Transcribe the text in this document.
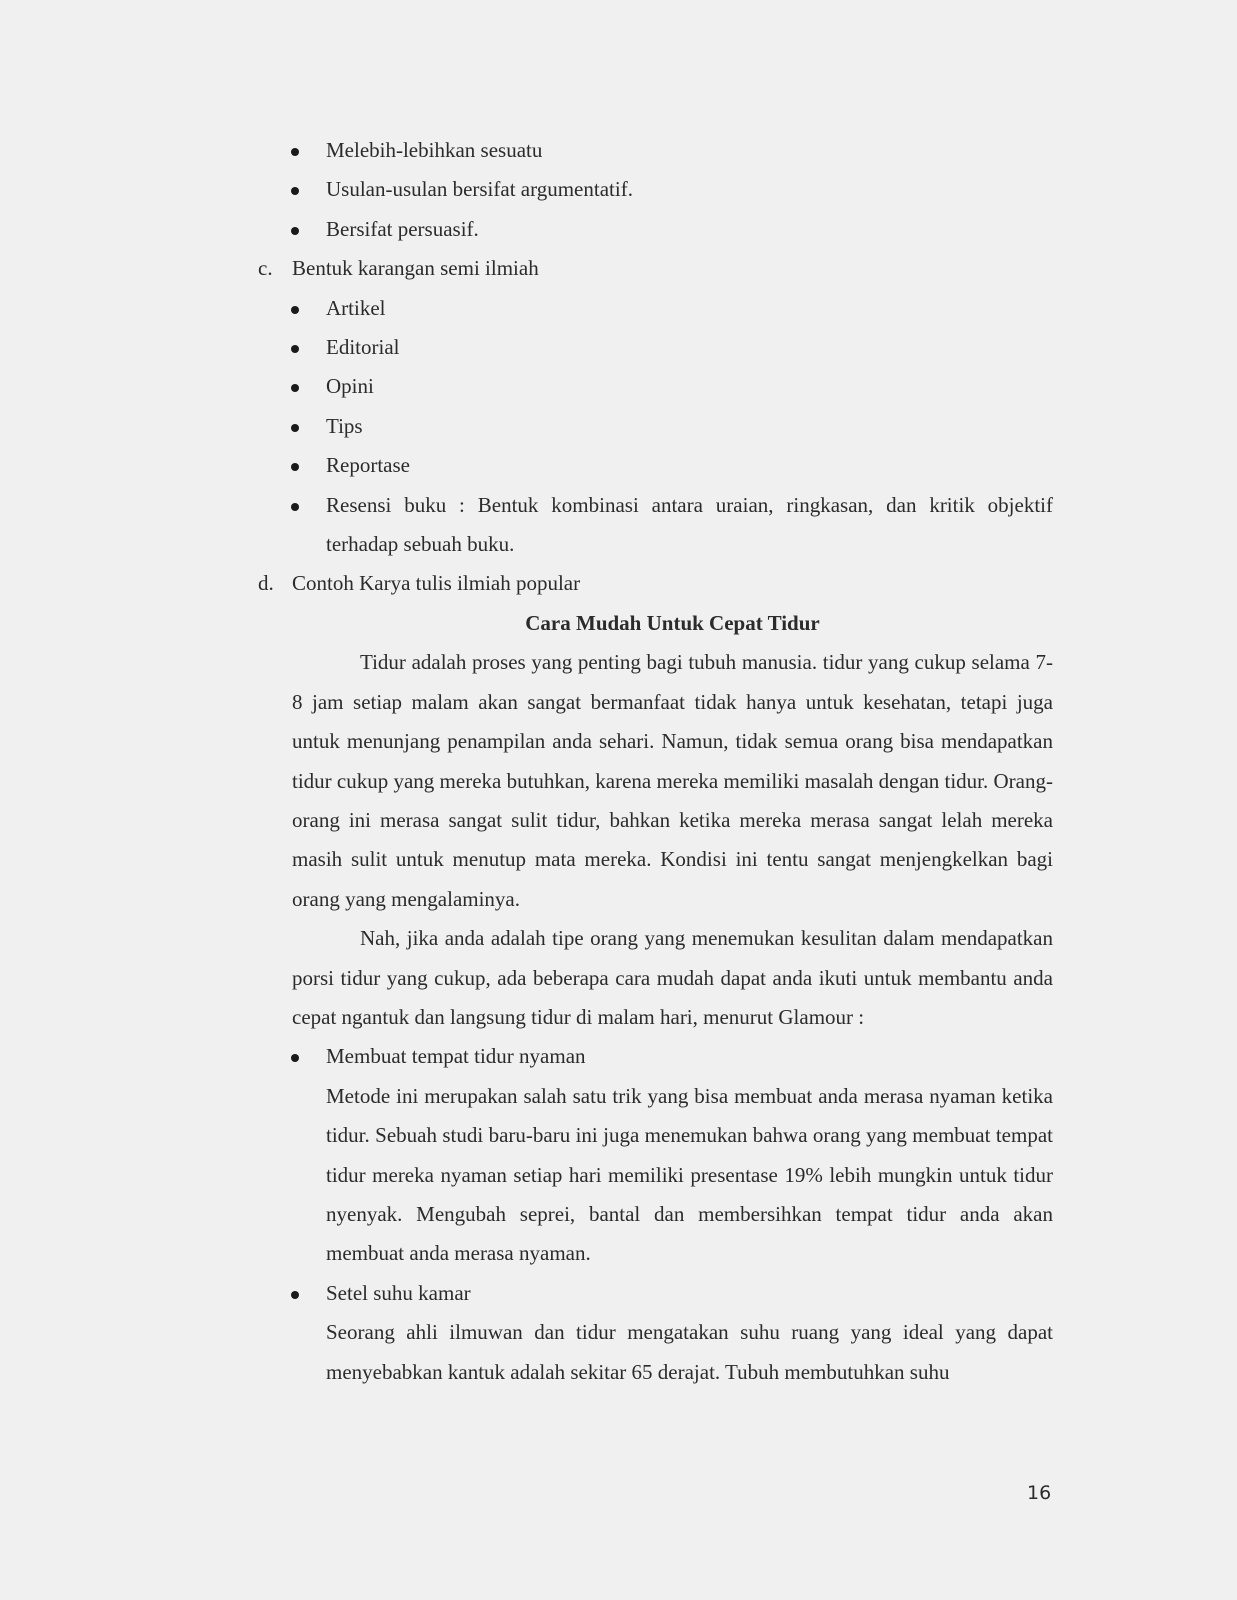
Melebih-lebihkan sesuatu
Usulan-usulan bersifat argumentatif.
Bersifat persuasif.
c. Bentuk karangan semi ilmiah
Artikel
Editorial
Opini
Tips
Reportase
Resensi buku : Bentuk kombinasi antara uraian, ringkasan, dan kritik objektif terhadap sebuah buku.
d. Contoh Karya tulis ilmiah popular
Cara Mudah Untuk Cepat Tidur
Tidur adalah proses yang penting bagi tubuh manusia. tidur yang cukup selama 7-8 jam setiap malam akan sangat bermanfaat tidak hanya untuk kesehatan, tetapi juga untuk menunjang penampilan anda sehari. Namun, tidak semua orang bisa mendapatkan tidur cukup yang mereka butuhkan, karena mereka memiliki masalah dengan tidur. Orang-orang ini merasa sangat sulit tidur, bahkan ketika mereka merasa sangat lelah mereka masih sulit untuk menutup mata mereka. Kondisi ini tentu sangat menjengkelkan bagi orang yang mengalaminya.
Nah, jika anda adalah tipe orang yang menemukan kesulitan dalam mendapatkan porsi tidur yang cukup, ada beberapa cara mudah dapat anda ikuti untuk membantu anda cepat ngantuk dan langsung tidur di malam hari, menurut Glamour :
Membuat tempat tidur nyaman
Metode ini merupakan salah satu trik yang bisa membuat anda merasa nyaman ketika tidur. Sebuah studi baru-baru ini juga menemukan bahwa orang yang membuat tempat tidur mereka nyaman setiap hari memiliki presentase 19% lebih mungkin untuk tidur nyenyak. Mengubah seprei, bantal dan membersihkan tempat tidur anda akan membuat anda merasa nyaman.
Setel suhu kamar
Seorang ahli ilmuwan dan tidur mengatakan suhu ruang yang ideal yang dapat menyebabkan kantuk adalah sekitar 65 derajat. Tubuh membutuhkan suhu
16
